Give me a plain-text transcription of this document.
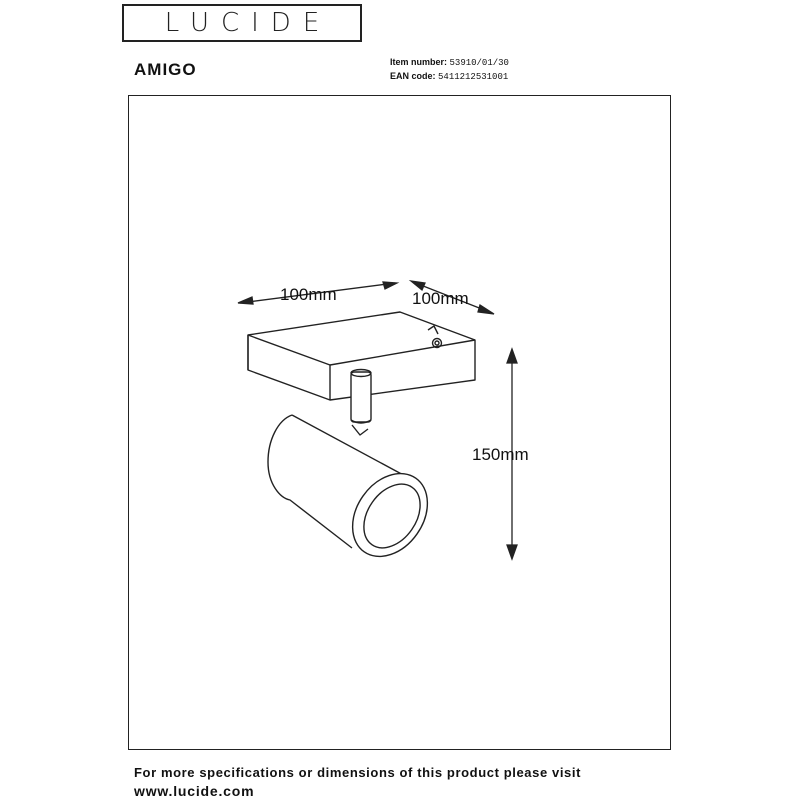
LUCIDE
AMIGO	Item number: 53910/01/30
EAN code: 5411212531001
100mm	100mm
150mm
For more specifications or dimensions of this product please visit
www.lucide.com
